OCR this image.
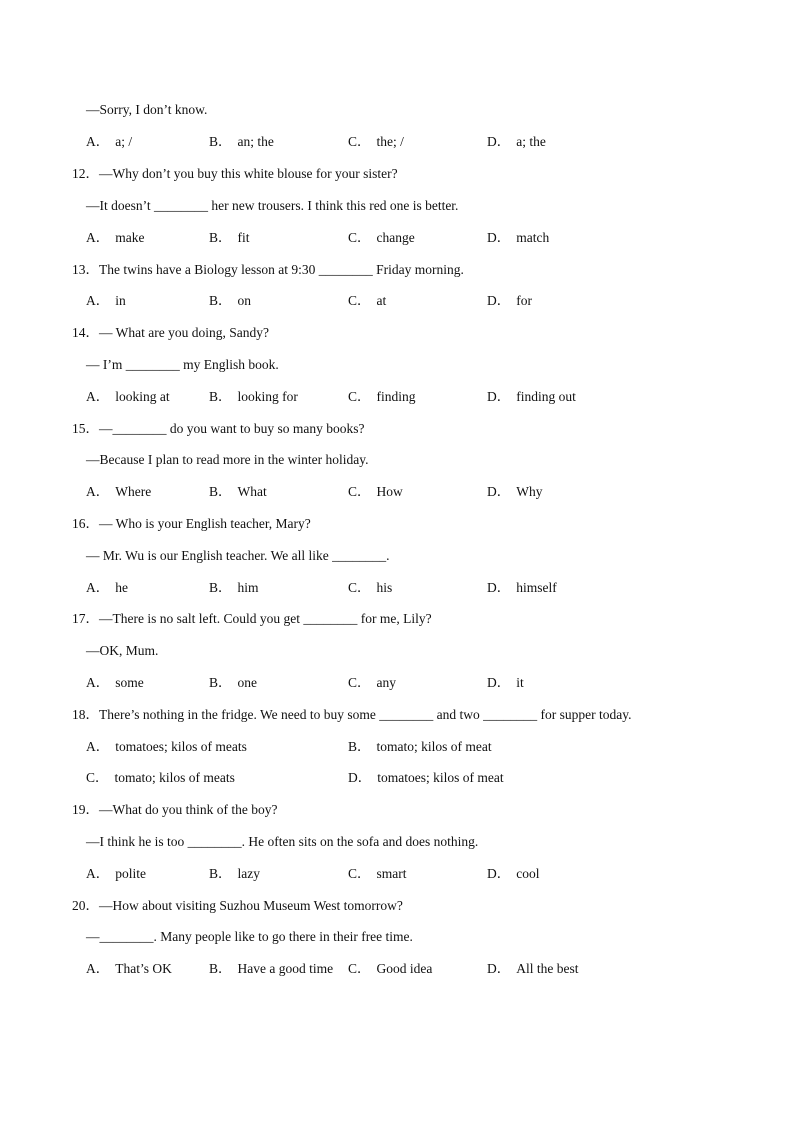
—Sorry, I don’t know.
12．—Why don’t you buy this white blouse for your sister?
—It doesn’t ________ her new trousers. I think this red one is better.
13．The twins have a Biology lesson at 9:30 ________ Friday morning.
14．— What are you doing, Sandy?
— I’m ________ my English book.
15．—________ do you want to buy so many books?
—Because I plan to read more in the winter holiday.
16．— Who is your English teacher, Mary?
— Mr. Wu is our English teacher. We all like ________.
17．—There is no salt left. Could you get ________ for me, Lily?
—OK, Mum.
18．There’s nothing in the fridge. We need to buy some ________ and two ________ for supper today.
19．—What do you think of the boy?
—I think he is too ________. He often sits on the sofa and does nothing.
20．—How about visiting Suzhou Museum West tomorrow?
—________. Many people like to go there in their free time.
A． a; /	B． an; the	C． the; /	D． a; the
A． make	B． fit	C． change	D． match
A． in	B． on	C． at	D． for
A． looking at	B． looking for	C． finding	D． finding out
A． Where	B． What	C． How	D． Why
A． he	B． him	C． his	D． himself
A． some	B． one	C． any	D． it
A． tomatoes; kilos of meats	B． tomato; kilos of meat
C． tomato; kilos of meats	D． tomatoes; kilos of meat
A． polite	B． lazy	C． smart	D． cool
A． That’s OK	B． Have a good time C． Good idea	D． All the best
